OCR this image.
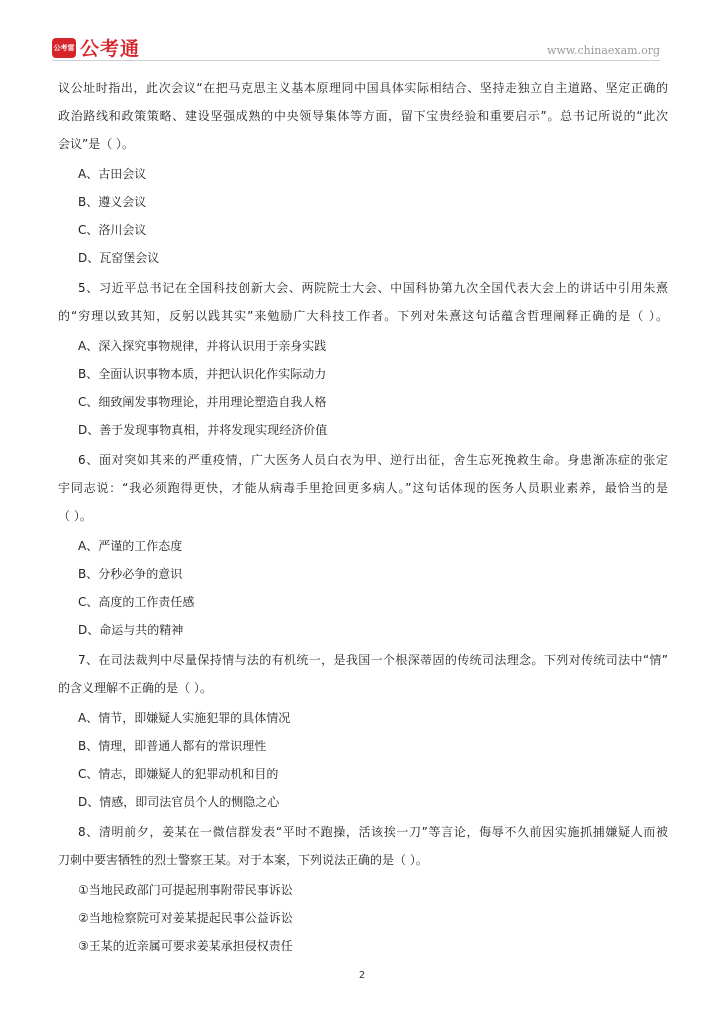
公考雷达
公考通	www.chinaexam.org
议公址时指出，此次会议“在把马克思主义基本原理同中国具体实际相结合、坚持走独立自主道路、坚定正确的
政治路线和政策策略、建设坚强成熟的中央领导集体等方面，留下宝贵经验和重要启示”。总书记所说的“此次
会议”是（ ）。
A、古田会议
B、遵义会议
C、洛川会议
D、瓦窑堡会议
5、习近平总书记在全国科技创新大会、两院院士大会、中国科协第九次全国代表大会上的讲话中引用朱熹
的“穷理以致其知，反躬以践其实”来勉励广大科技工作者。下列对朱熹这句话蕴含哲理阐释正确的是（ ）。
A、深入探究事物规律，并将认识用于亲身实践
B、全面认识事物本质，并把认识化作实际动力
C、细致阐发事物理论，并用理论塑造自我人格
D、善于发现事物真相，并将发现实现经济价值
6、面对突如其来的严重疫情，广大医务人员白衣为甲、逆行出征，舍生忘死挽救生命。身患渐冻症的张定
宇同志说：“我必须跑得更快，才能从病毒手里抢回更多病人。”这句话体现的医务人员职业素养，最恰当的是
（ ）。
A、严谨的工作态度
B、分秒必争的意识
C、高度的工作责任感
D、命运与共的精神
7、在司法裁判中尽量保持情与法的有机统一，是我国一个根深蒂固的传统司法理念。下列对传统司法中“情”
的含义理解不正确的是（ ）。
A、情节，即嫌疑人实施犯罪的具体情况
B、情理，即普通人都有的常识理性
C、情志，即嫌疑人的犯罪动机和目的
D、情感，即司法官员个人的恻隐之心
8、清明前夕，姜某在一微信群发表“平时不跑操，活该挨一刀”等言论，侮辱不久前因实施抓捕嫌疑人而被
刀刺中要害牺牲的烈士警察王某。对于本案，下列说法正确的是（ ）。
①当地民政部门可提起刑事附带民事诉讼
②当地检察院可对姜某提起民事公益诉讼
③王某的近亲属可要求姜某承担侵权责任
2
